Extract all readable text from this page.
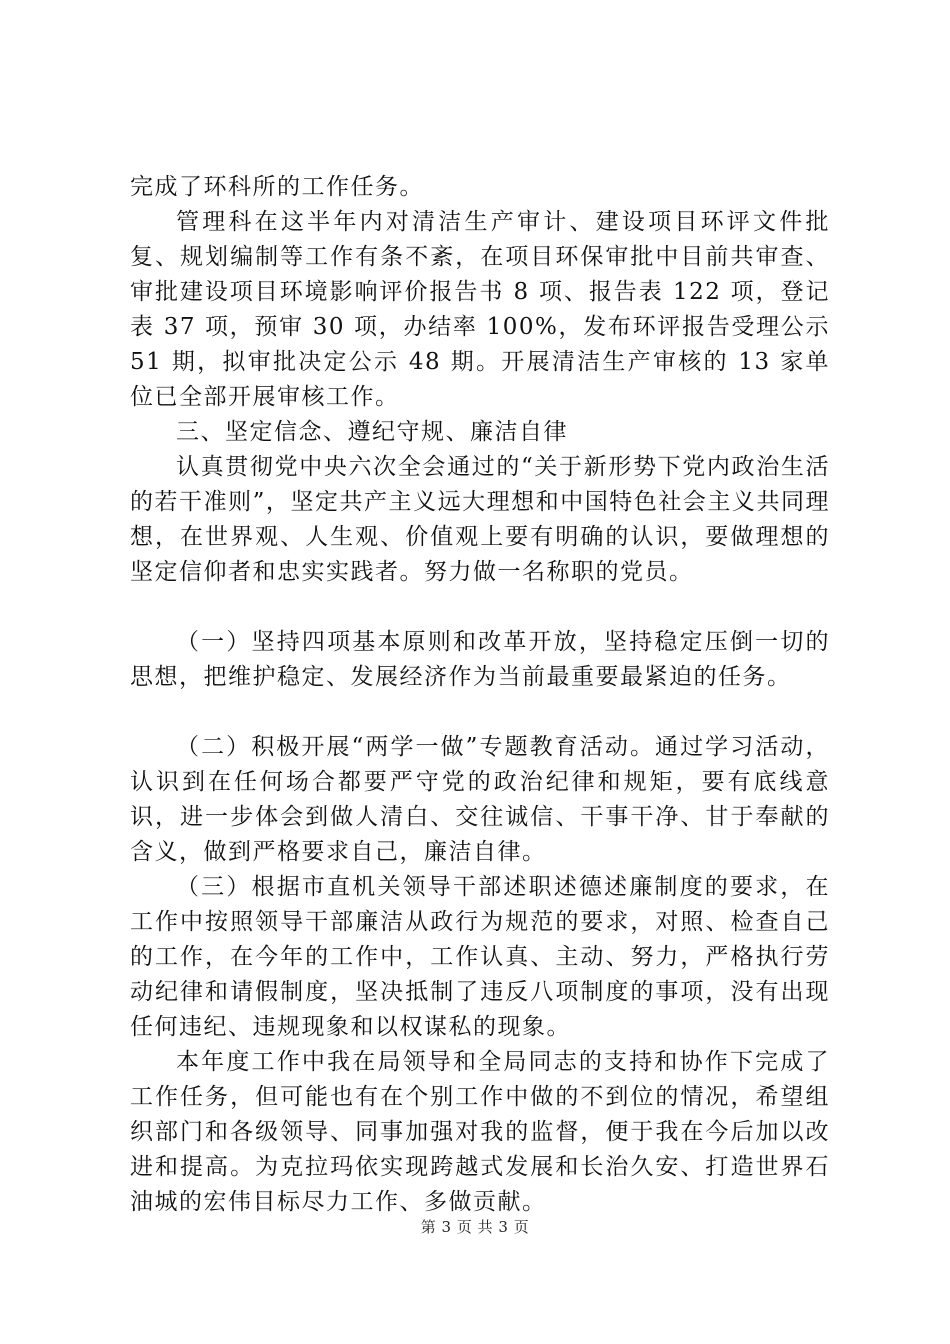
完成了环科所的工作任务。

管理科在这半年内对清洁生产审计、建设项目环评文件批复、规划编制等工作有条不紊，在项目环保审批中目前共审查、审批建设项目环境影响评价报告书 8 项、报告表 122 项，登记表 37 项，预审 30 项，办结率 100%，发布环评报告受理公示 51 期，拟审批决定公示 48 期。开展清洁生产审核的 13 家单位已全部开展审核工作。

三、坚定信念、遵纪守规、廉洁自律

认真贯彻党中央六次全会通过的“关于新形势下党内政治生活的若干准则”，坚定共产主义远大理想和中国特色社会主义共同理想，在世界观、人生观、价值观上要有明确的认识，要做理想的坚定信仰者和忠实实践者。努力做一名称职的党员。

（一）坚持四项基本原则和改革开放，坚持稳定压倒一切的思想，把维护稳定、发展经济作为当前最重要最紧迫的任务。

（二）积极开展“两学一做”专题教育活动。通过学习活动，认识到在任何场合都要严守党的政治纪律和规矩，要有底线意识，进一步体会到做人清白、交往诚信、干事干净、甘于奉献的含义，做到严格要求自己，廉洁自律。

（三）根据市直机关领导干部述职述德述廉制度的要求，在工作中按照领导干部廉洁从政行为规范的要求，对照、检查自己的工作，在今年的工作中，工作认真、主动、努力，严格执行劳动纪律和请假制度，坚决抵制了违反八项制度的事项，没有出现任何违纪、违规现象和以权谋私的现象。

本年度工作中我在局领导和全局同志的支持和协作下完成了工作任务，但可能也有在个别工作中做的不到位的情况，希望组织部门和各级领导、同事加强对我的监督，便于我在今后加以改进和提高。为克拉玛依实现跨越式发展和长治久安、打造世界石油城的宏伟目标尽力工作、多做贡献。

第 3 页 共 3 页
